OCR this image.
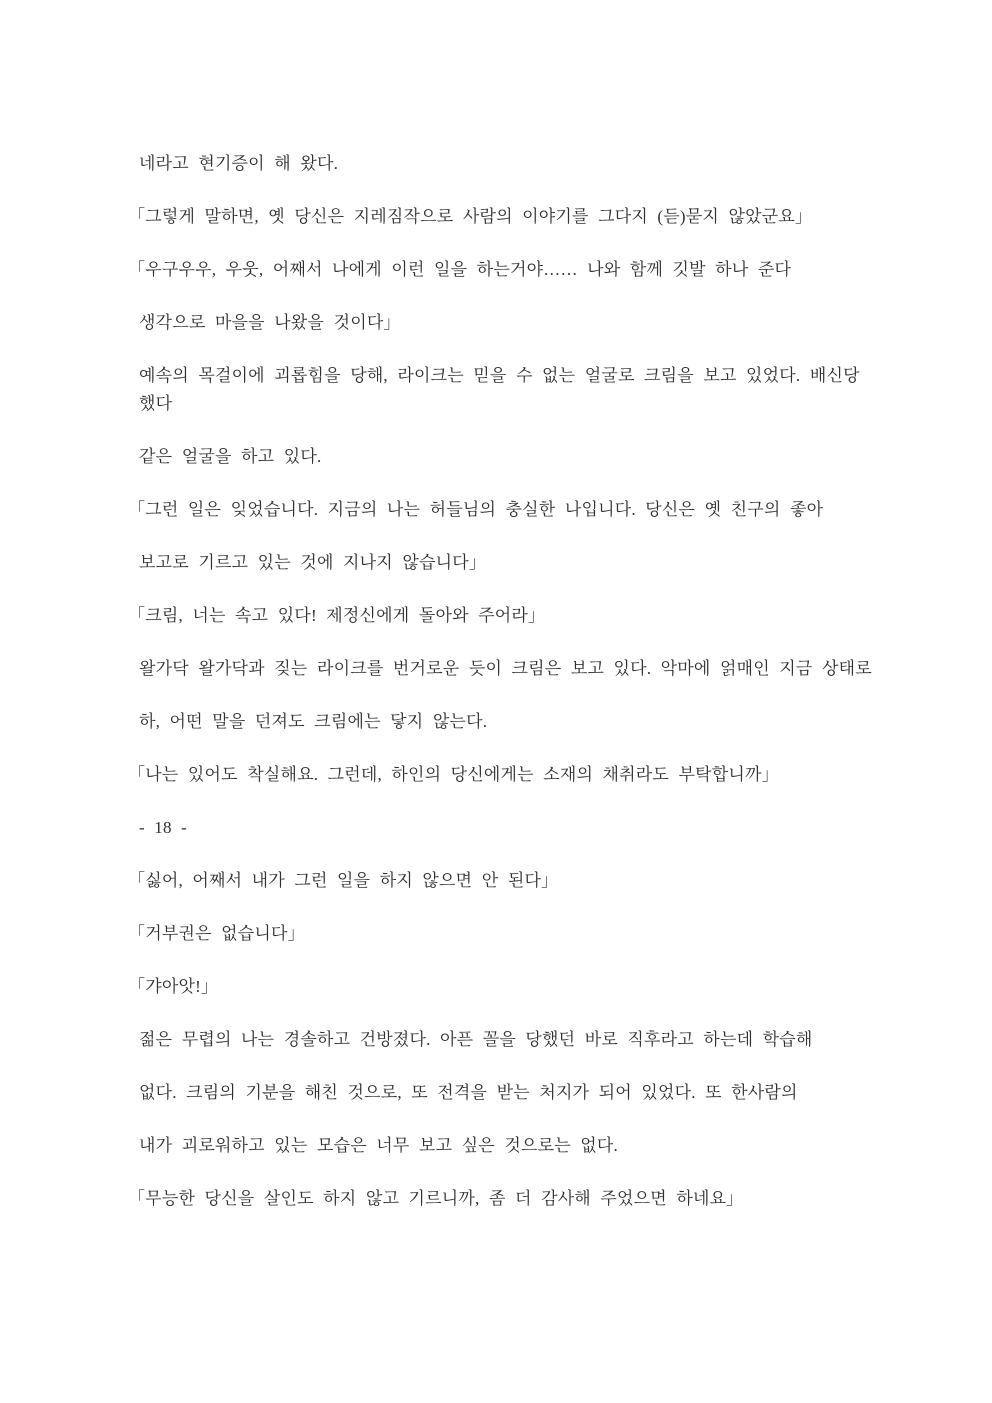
네라고 현기증이 해 왔다.
「그렇게 말하면, 옛 당신은 지레짐작으로 사람의 이야기를 그다지 (듣)묻지 않았군요」
「우구우우, 우웃, 어째서 나에게 이런 일을 하는거야…… 나와 함께 깃발 하나 준다
생각으로 마을을 나왔을 것이다」
예속의 목걸이에 괴롭힘을 당해, 라이크는 믿을 수 없는 얼굴로 크림을 보고 있었다. 배신당
했다
같은 얼굴을 하고 있다.
「그런 일은 잊었습니다. 지금의 나는 허들님의 충실한 나입니다. 당신은 옛 친구의 좋아
보고로 기르고 있는 것에 지나지 않습니다」
「크림, 너는 속고 있다! 제정신에게 돌아와 주어라」
왈가닥 왈가닥과 짖는 라이크를 번거로운 듯이 크림은 보고 있다. 악마에 얽매인 지금 상태로
하, 어떤 말을 던져도 크림에는 닿지 않는다.
「나는 있어도 착실해요. 그런데, 하인의 당신에게는 소재의 채취라도 부탁합니까」
- 18 -
「싫어, 어째서 내가 그런 일을 하지 않으면 안 된다」
「거부권은 없습니다」
「갸아앗!」
젊은 무렵의 나는 경솔하고 건방졌다. 아픈 꼴을 당했던 바로 직후라고 하는데 학습해
없다. 크림의 기분을 해친 것으로, 또 전격을 받는 처지가 되어 있었다. 또 한사람의
내가 괴로워하고 있는 모습은 너무 보고 싶은 것으로는 없다.
「무능한 당신을 살인도 하지 않고 기르니까, 좀 더 감사해 주었으면 하네요」
